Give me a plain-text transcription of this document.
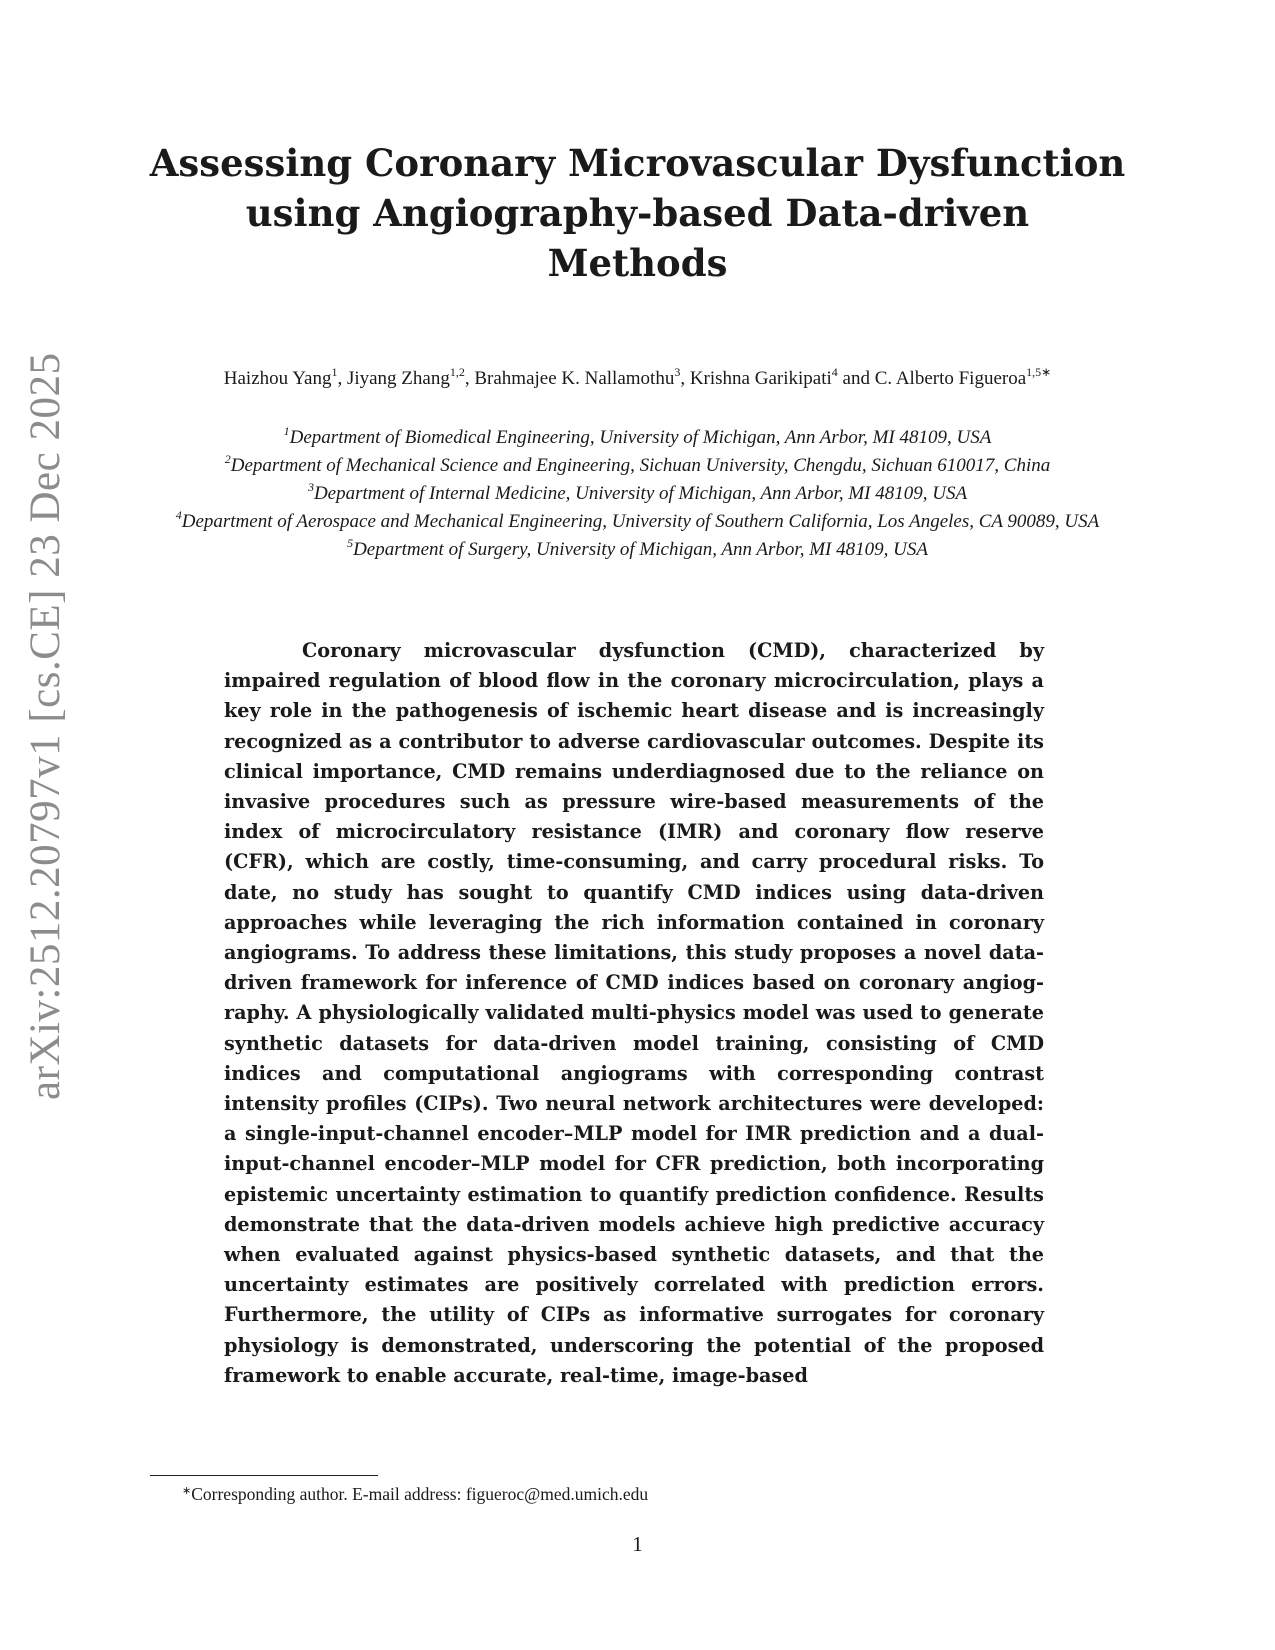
arXiv:2512.20797v1 [cs.CE] 23 Dec 2025
Assessing Coronary Microvascular Dysfunction
using Angiography-based Data-driven
Methods
Haizhou Yang$^1$, Jiyang Zhang$^{1,2}$, Brahmajee K. Nallamothu$^3$, Krishna Garikipati$^4$ and C. Alberto Figueroa$^{1,5∗}$
$^1$Department of Biomedical Engineering, University of Michigan, Ann Arbor, MI 48109, USA
$^2$Department of Mechanical Science and Engineering, Sichuan University, Chengdu, Sichuan 610017, China
$^3$Department of Internal Medicine, University of Michigan, Ann Arbor, MI 48109, USA
$^4$Department of Aerospace and Mechanical Engineering, University of Southern California, Los Angeles, CA 90089, USA
$^5$Department of Surgery, University of Michigan, Ann Arbor, MI 48109, USA

Coronary microvascular dysfunction (CMD), characterized by impaired regulation of blood flow in the coronary microcirculation, plays a key role in the pathogenesis of ischemic heart disease and is increasingly recognized as a contributor to adverse cardiovascular outcomes. Despite its clinical importance, CMD remains underdiagnosed due to the reliance on invasive procedures such as pressure wire-based measurements of the index of microcirculatory resistance (IMR) and coronary flow reserve (CFR), which are costly, time-consuming, and carry procedural risks. To date, no study has sought to quantify CMD indices using data-driven approaches while leveraging the rich information contained in coronary angiograms. To address these limitations, this study proposes a novel data-driven framework for inference of CMD indices based on coronary angiography. A physiologically validated multi-physics model was used to generate synthetic datasets for data-driven model training, consisting of CMD indices and computational angiograms with corresponding contrast intensity profiles (CIPs). Two neural network architectures were developed: a single-input-channel encoder–MLP model for IMR prediction and a dual-input-channel encoder–MLP model for CFR prediction, both incorporating epistemic uncertainty estimation to quantify prediction confidence. Results demonstrate that the data-driven models achieve high predictive accuracy when evaluated against physics-based synthetic datasets, and that the uncertainty estimates are positively correlated with prediction errors. Furthermore, the utility of CIPs as informative surrogates for coronary physiology is demonstrated, underscoring the potential of the proposed framework to enable accurate, real-time, image-based

∗Corresponding author. E-mail address: figueroc@med.umich.edu
1
